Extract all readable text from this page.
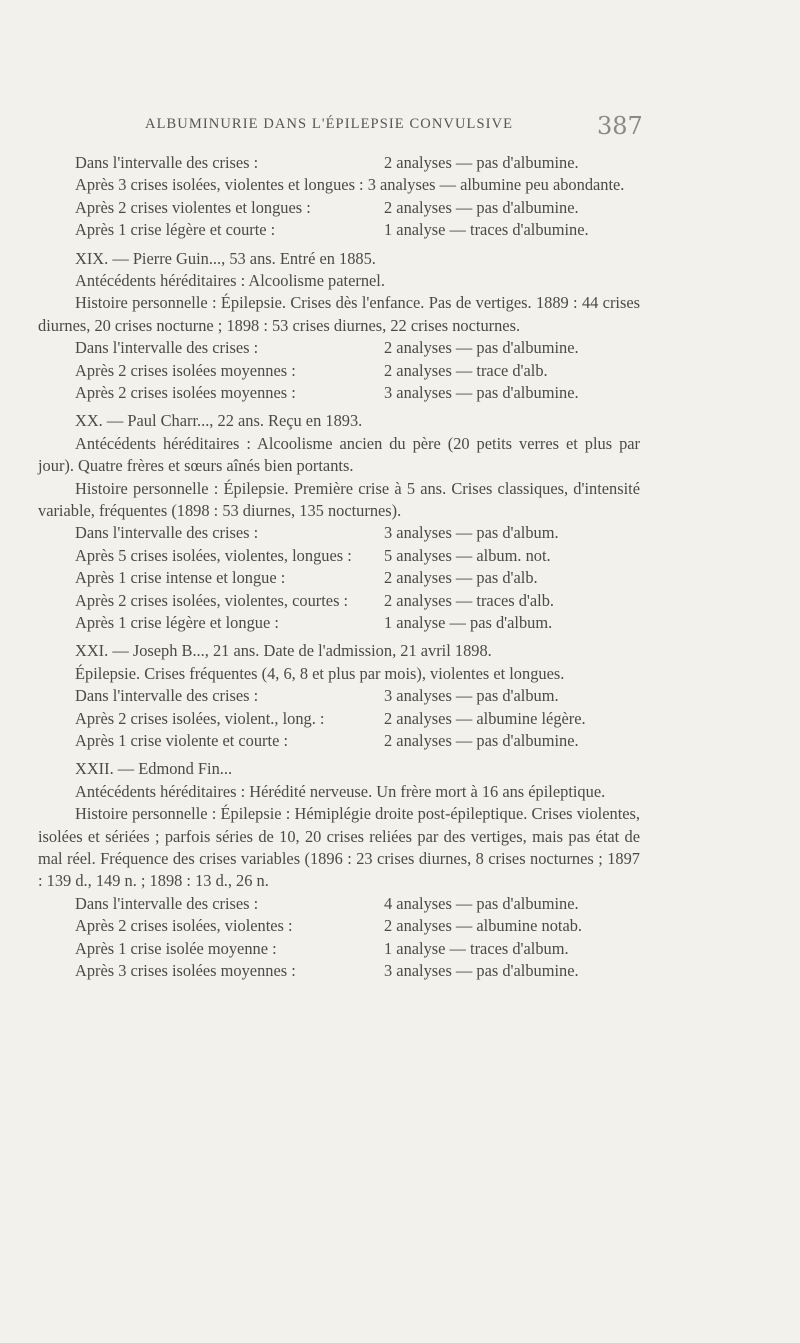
ALBUMINURIE DANS L'ÉPILEPSIE CONVULSIVE	387
Dans l'intervalle des crises :	2 analyses — pas d'albumine.

Après 3 crises isolées, violentes et longues : 3 analyses — albumine peu abondante.

Après 2 crises violentes et longues :	2 analyses — pas d'albumine.
Après 1 crise légère et courte :	1 analyse — traces d'albumine.

XIX. — Pierre Guin..., 53 ans. Entré en 1885.

Antécédents héréditaires : Alcoolisme paternel.

Histoire personnelle : Épilepsie. Crises dès l'enfance. Pas de vertiges. 1889 : 44 crises diurnes, 20 crises nocturne ; 1898 : 53 crises diurnes, 22 crises nocturnes.

Dans l'intervalle des crises :	2 analyses — pas d'albumine.
Après 2 crises isolées moyennes :	2 analyses — trace d'alb.
Après 2 crises isolées moyennes :	3 analyses — pas d'albumine.

XX. — Paul Charr..., 22 ans. Reçu en 1893.

Antécédents héréditaires : Alcoolisme ancien du père (20 petits verres et plus par jour). Quatre frères et sœurs aînés bien portants.

Histoire personnelle : Épilepsie. Première crise à 5 ans. Crises classiques, d'intensité variable, fréquentes (1898 : 53 diurnes, 135 nocturnes).

Dans l'intervalle des crises :	3 analyses — pas d'album.
Après 5 crises isolées, violentes, longues : 5 analyses — album. not.
Après 1 crise intense et longue :	2 analyses — pas d'alb.
Après 2 crises isolées, violentes, courtes : 2 analyses — traces d'alb.
Après 1 crise légère et longue :	1 analyse — pas d'album.

XXI. — Joseph B..., 21 ans. Date de l'admission, 21 avril 1898.

Épilepsie. Crises fréquentes (4, 6, 8 et plus par mois), violentes et longues.

Dans l'intervalle des crises :	3 analyses — pas d'album.
Après 2 crises isolées, violent., long. :	2 analyses — albumine légère.
Après 1 crise violente et courte :	2 analyses — pas d'albumine.

XXII. — Edmond Fin...

Antécédents héréditaires : Hérédité nerveuse. Un frère mort à 16 ans épileptique.

Histoire personnelle : Épilepsie : Hémiplégie droite post-épileptique. Crises violentes, isolées et sériées ; parfois séries de 10, 20 crises reliées par des vertiges, mais pas état de mal réel. Fréquence des crises variables (1896 : 23 crises diurnes, 8 crises nocturnes ; 1897 : 139 d., 149 n. ; 1898 : 13 d., 26 n.

Dans l'intervalle des crises :	4 analyses — pas d'albumine.
Après 2 crises isolées, violentes :	2 analyses — albumine notab.
Après 1 crise isolée moyenne :	1 analyse — traces d'album.
Après 3 crises isolées moyennes :	3 analyses — pas d'albumine.
